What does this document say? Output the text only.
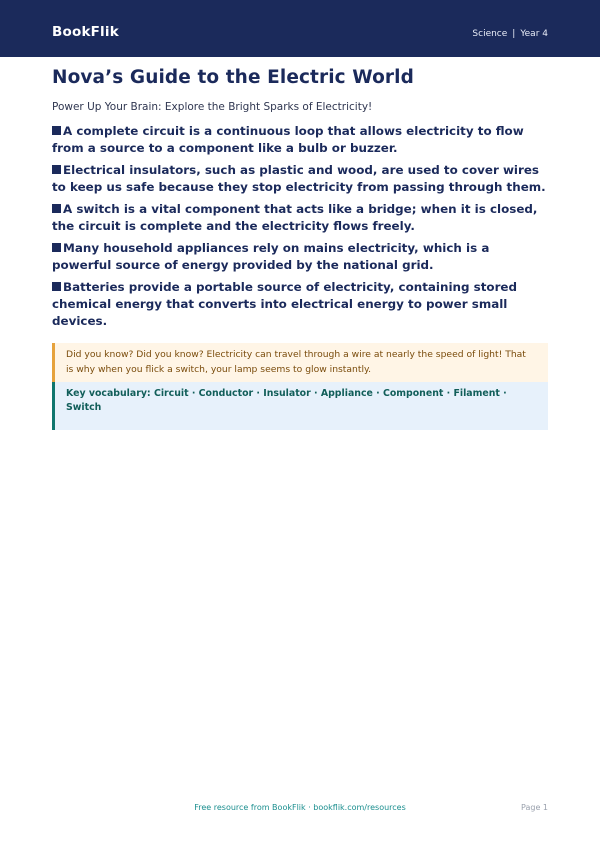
BookFlik	Science | Year 4
Nova’s Guide to the Electric World
Power Up Your Brain: Explore the Bright Sparks of Electricity!
A complete circuit is a continuous loop that allows electricity to flow from a source to a component like a bulb or buzzer.
Electrical insulators, such as plastic and wood, are used to cover wires to keep us safe because they stop electricity from passing through them.
A switch is a vital component that acts like a bridge; when it is closed, the circuit is complete and the electricity flows freely.
Many household appliances rely on mains electricity, which is a powerful source of energy provided by the national grid.
Batteries provide a portable source of electricity, containing stored chemical energy that converts into electrical energy to power small devices.
Did you know? Did you know? Electricity can travel through a wire at nearly the speed of light! That is why when you flick a switch, your lamp seems to glow instantly.
Key vocabulary: Circuit · Conductor · Insulator · Appliance · Component · Filament · Switch
Free resource from BookFlik · bookflik.com/resources	Page 1
